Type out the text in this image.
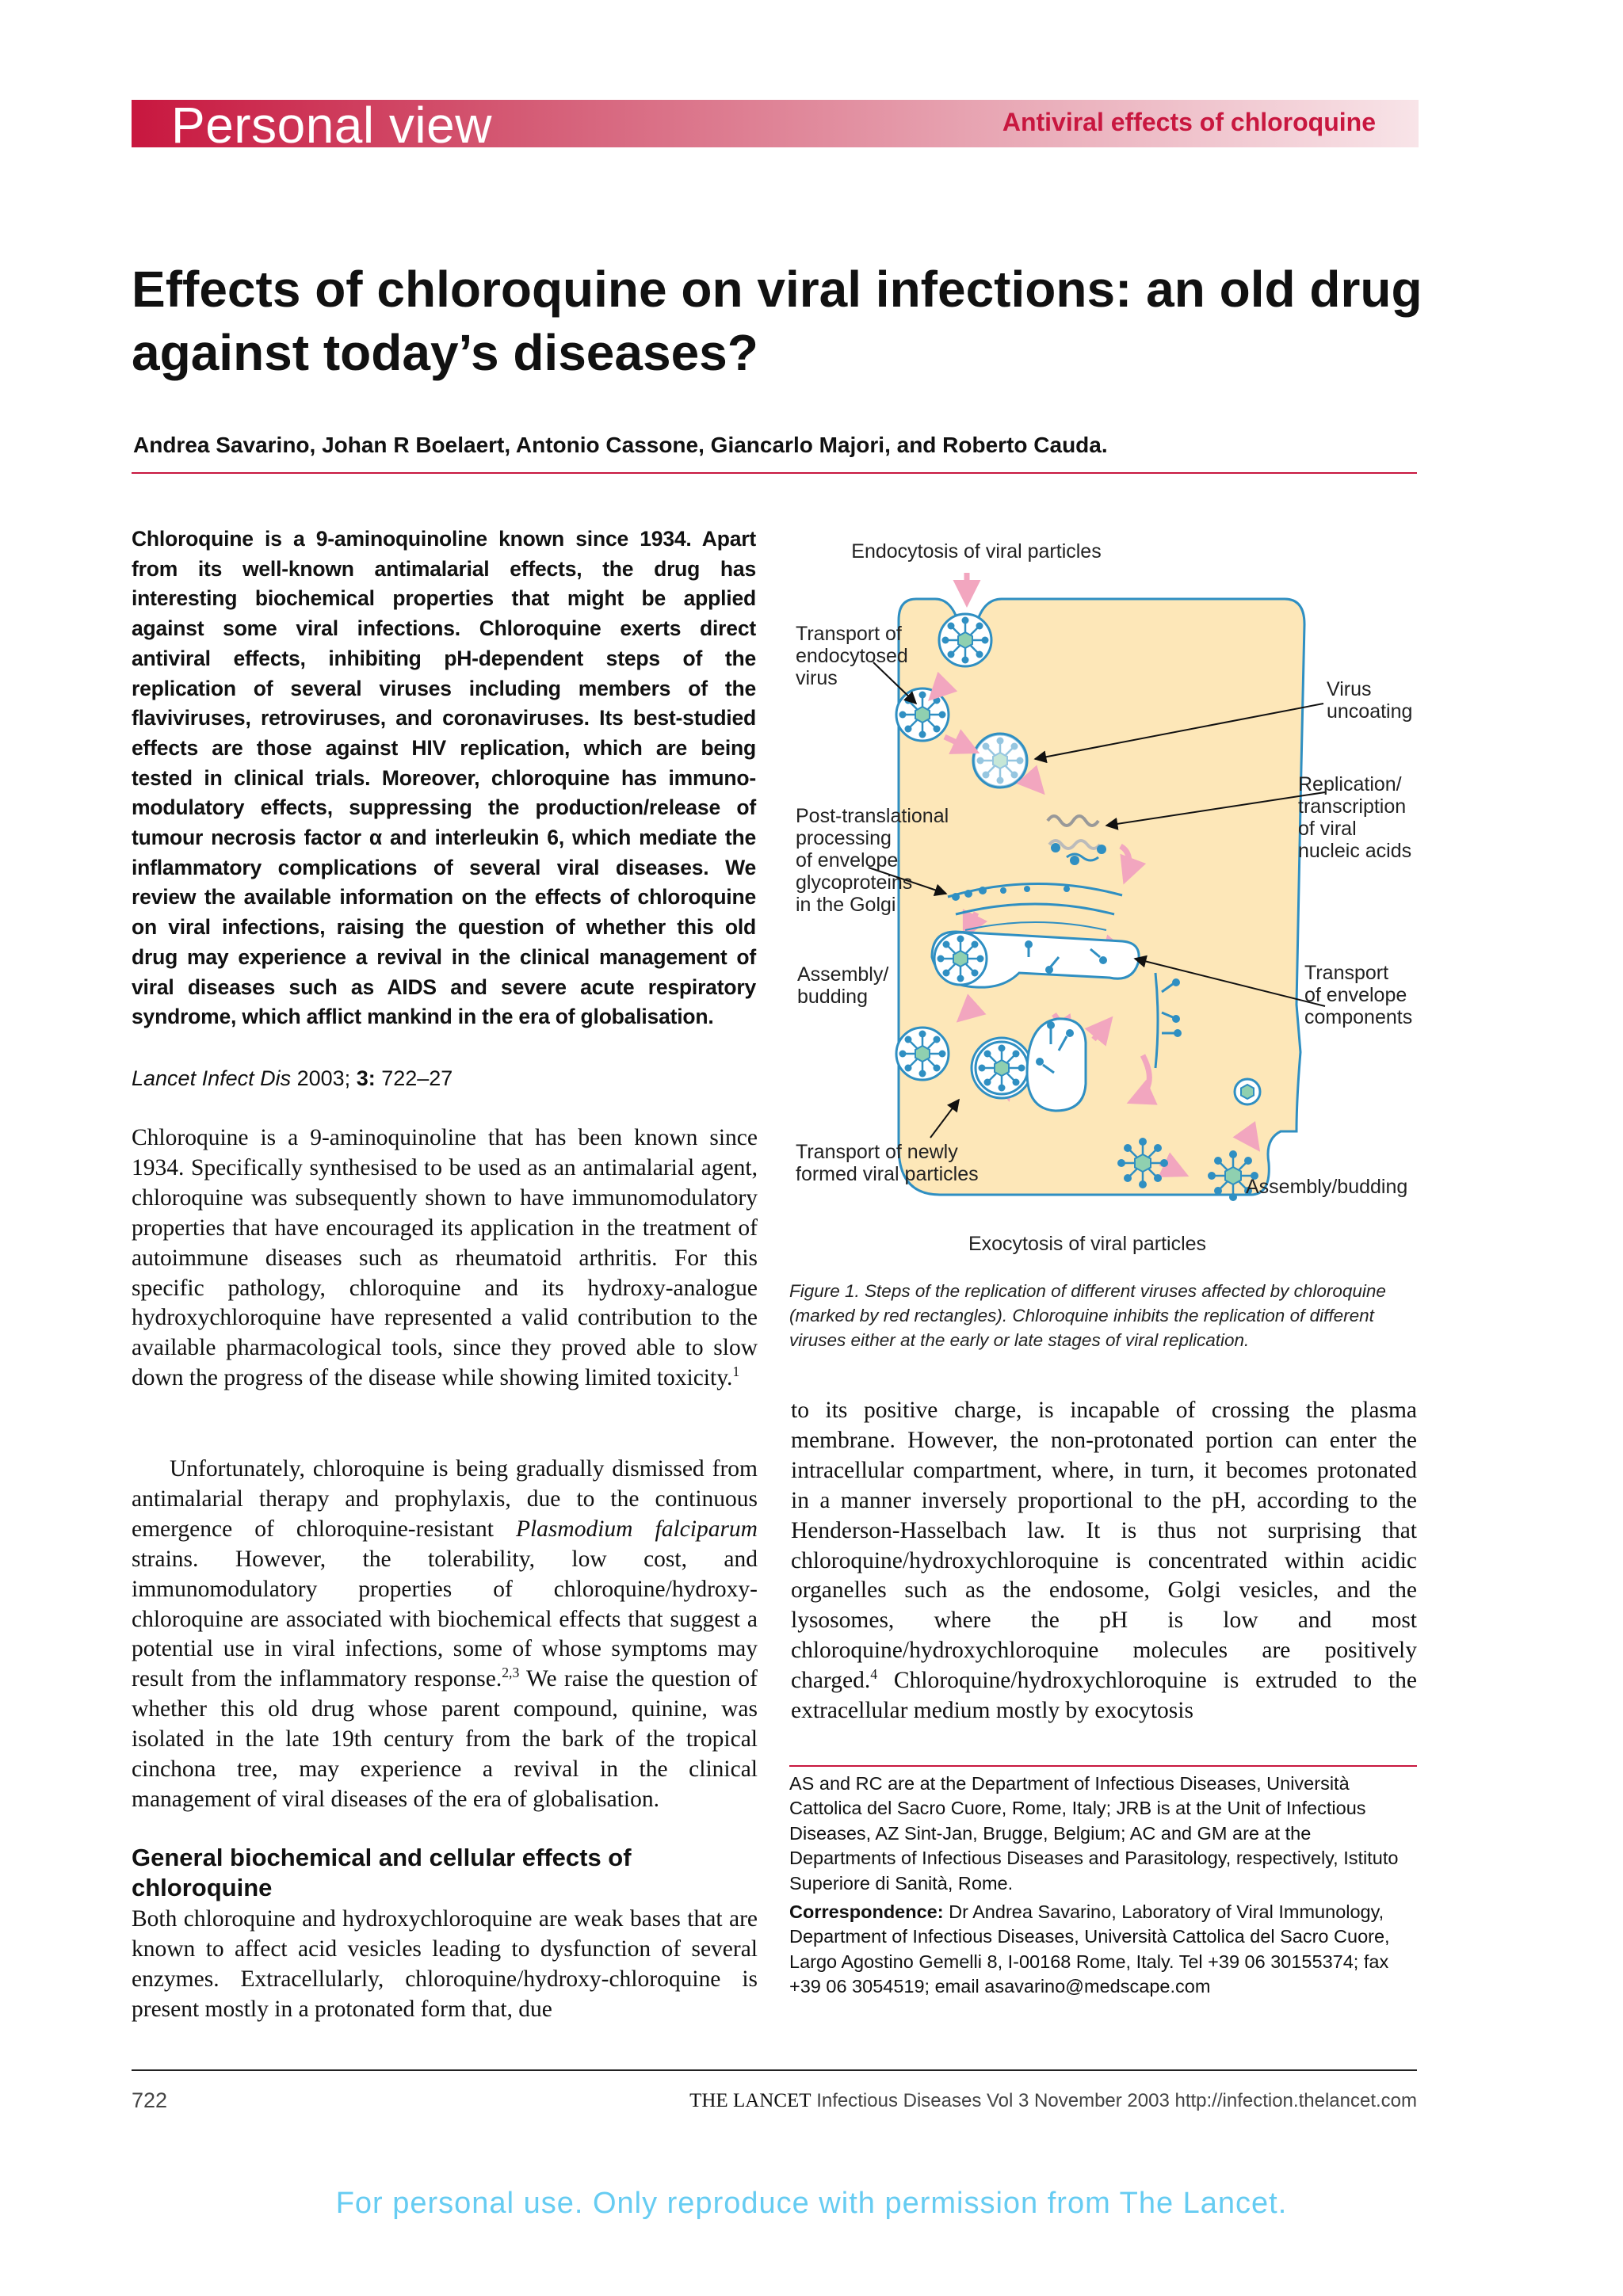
Personal view	Antiviral effects of chloroquine
Effects of chloroquine on viral infections: an old drug against today’s diseases?
Andrea Savarino, Johan R Boelaert, Antonio Cassone, Giancarlo Majori, and Roberto Cauda.
Chloroquine is a 9-aminoquinoline known since 1934. Apart from its well-known antimalarial effects, the drug has interesting biochemical properties that might be applied against some viral infections. Chloroquine exerts direct antiviral effects, inhibiting pH-dependent steps of the replication of several viruses including members of the flaviviruses, retroviruses, and coronaviruses. Its best-studied effects are those against HIV replication, which are being tested in clinical trials. Moreover, chloroquine has immuno-modulatory effects, suppressing the production/release of tumour necrosis factor α and interleukin 6, which mediate the inflammatory complications of several viral diseases. We review the available information on the effects of chloroquine on viral infections, raising the question of whether this old drug may experience a revival in the clinical management of viral diseases such as AIDS and severe acute respiratory syndrome, which afflict mankind in the era of globalisation.
Lancet Infect Dis 2003; 3: 722–27

Chloroquine is a 9-aminoquinoline that has been known since 1934. Specifically synthesised to be used as an antimalarial agent, chloroquine was subsequently shown to have immunomodulatory properties that have encouraged its application in the treatment of autoimmune diseases such as rheumatoid arthritis. For this specific pathology, chloroquine and its hydroxy-analogue hydroxychloroquine have represented a valid contribution to the available pharmacological tools, since they proved able to slow down the progress of the disease while showing limited toxicity.$^1$

Unfortunately, chloroquine is being gradually dismissed from antimalarial therapy and prophylaxis, due to the continuous emergence of chloroquine-resistant Plasmodium falciparum strains. However, the tolerability, low cost, and immunomodulatory properties of chloroquine/hydroxy-chloroquine are associated with biochemical effects that suggest a potential use in viral infections, some of whose symptoms may result from the inflammatory response.$^{2,3}$ We raise the question of whether this old drug whose parent compound, quinine, was isolated in the late 19th century from the bark of the tropical cinchona tree, may experience a revival in the clinical management of viral diseases of the era of globalisation.

General biochemical and cellular effects of chloroquine

Both chloroquine and hydroxychloroquine are weak bases that are known to affect acid vesicles leading to dysfunction of several enzymes. Extracellularly, chloroquine/hydroxy-chloroquine is present mostly in a protonated form that, due

Endocytosis of viral particles
Transport of
endocytosed
virus	Virus
uncoating
Replication/
transcription
of viral
nucleic acids
Post-translational
processing
of envelope
glycoproteins
in the Golgi
Assembly/
budding
Transport
of envelope
components
Transport of newly
formed viral particles
Assembly/budding
Exocytosis of viral particles
Figure 1. Steps of the replication of different viruses affected by chloroquine (marked by red rectangles). Chloroquine inhibits the replication of different viruses either at the early or late stages of viral replication.

to its positive charge, is incapable of crossing the plasma membrane. However, the non-protonated portion can enter the intracellular compartment, where, in turn, it becomes protonated in a manner inversely proportional to the pH, according to the Henderson-Hasselbach law. It is thus not surprising that chloroquine/hydroxychloroquine is concentrated within acidic organelles such as the endosome, Golgi vesicles, and the lysosomes, where the pH is low and most chloroquine/hydroxychloroquine molecules are positively charged.$^4$ Chloroquine/hydroxychloroquine is extruded to the extracellular medium mostly by exocytosis

AS and RC are at the Department of Infectious Diseases, Università Cattolica del Sacro Cuore, Rome, Italy; JRB is at the Unit of Infectious Diseases, AZ Sint-Jan, Brugge, Belgium; AC and GM are at the Departments of Infectious Diseases and Parasitology, respectively, Istituto Superiore di Sanità, Rome.
Correspondence: Dr Andrea Savarino, Laboratory of Viral Immunology, Department of Infectious Diseases, Università Cattolica del Sacro Cuore, Largo Agostino Gemelli 8, I-00168 Rome, Italy. Tel +39 06 30155374; fax +39 06 3054519; email asavarino@medscape.com
722	THE LANCET Infectious Diseases Vol 3 November 2003 http://infection.thelancet.com
For personal use. Only reproduce with permission from The Lancet.
